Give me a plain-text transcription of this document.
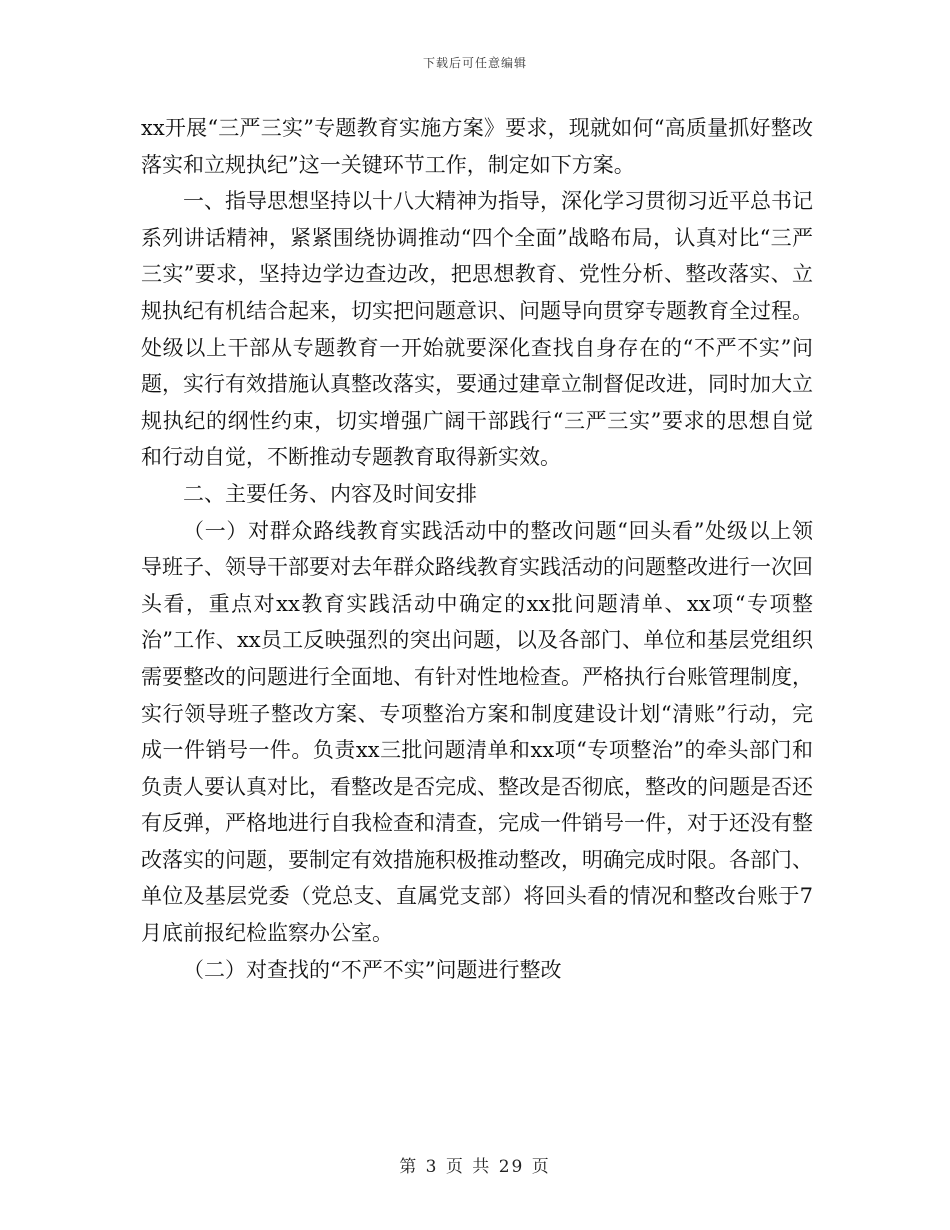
下载后可任意编辑

xx开展“三严三实”专题教育实施方案》要求，现就如何“高质量抓好整改落实和立规执纪”这一关键环节工作，制定如下方案。

一、指导思想坚持以十八大精神为指导，深化学习贯彻习近平总书记系列讲话精神，紧紧围绕协调推动“四个全面”战略布局，认真对比“三严三实”要求，坚持边学边查边改，把思想教育、党性分析、整改落实、立规执纪有机结合起来，切实把问题意识、问题导向贯穿专题教育全过程。处级以上干部从专题教育一开始就要深化查找自身存在的“不严不实”问题，实行有效措施认真整改落实，要通过建章立制督促改进，同时加大立规执纪的纲性约束，切实增强广阔干部践行“三严三实”要求的思想自觉和行动自觉，不断推动专题教育取得新实效。

二、主要任务、内容及时间安排

（一）对群众路线教育实践活动中的整改问题“回头看”处级以上领导班子、领导干部要对去年群众路线教育实践活动的问题整改进行一次回头看，重点对xx教育实践活动中确定的xx批问题清单、xx项“专项整治”工作、xx员工反映强烈的突出问题，以及各部门、单位和基层党组织需要整改的问题进行全面地、有针对性地检查。严格执行台账管理制度，实行领导班子整改方案、专项整治方案和制度建设计划“清账”行动，完成一件销号一件。负责xx三批问题清单和xx项“专项整治”的牵头部门和负责人要认真对比，看整改是否完成、整改是否彻底，整改的问题是否还有反弹，严格地进行自我检查和清查，完成一件销号一件，对于还没有整改落实的问题，要制定有效措施积极推动整改，明确完成时限。各部门、单位及基层党委（党总支、直属党支部）将回头看的情况和整改台账于7月底前报纪检监察办公室。

（二）对查找的“不严不实”问题进行整改

第 3 页 共 29 页
